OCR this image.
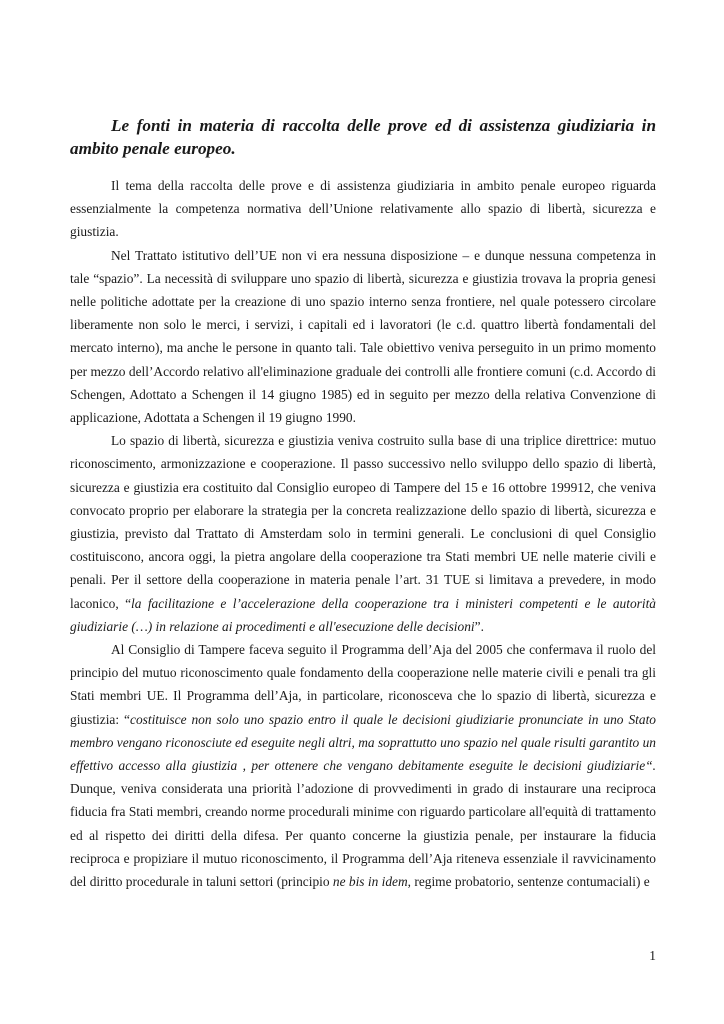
Le fonti in materia di raccolta delle prove ed di assistenza giudiziaria in ambito penale europeo.

Il tema della raccolta delle prove e di assistenza giudiziaria in ambito penale europeo riguarda essenzialmente la competenza normativa dell’Unione relativamente allo spazio di libertà, sicurezza e giustizia.

Nel Trattato istitutivo dell’UE non vi era nessuna disposizione – e dunque nessuna competenza in tale “spazio”. La necessità di sviluppare uno spazio di libertà, sicurezza e giustizia trovava la propria genesi nelle politiche adottate per la creazione di uno spazio interno senza frontiere, nel quale potessero circolare liberamente non solo le merci, i servizi, i capitali ed i lavoratori (le c.d. quattro libertà fondamentali del mercato interno), ma anche le persone in quanto tali. Tale obiettivo veniva perseguito in un primo momento per mezzo dell’Accordo relativo all'eliminazione graduale dei controlli alle frontiere comuni (c.d. Accordo di Schengen, Adottato a Schengen il 14 giugno 1985) ed in seguito per mezzo della relativa Convenzione di applicazione, Adottata a Schengen il 19 giugno 1990.

Lo spazio di libertà, sicurezza e giustizia veniva costruito sulla base di una triplice direttrice: mutuo riconoscimento, armonizzazione e cooperazione. Il passo successivo nello sviluppo dello spazio di libertà, sicurezza e giustizia era costituito dal Consiglio europeo di Tampere del 15 e 16 ottobre 199912, che veniva convocato proprio per elaborare la strategia per la concreta realizzazione dello spazio di libertà, sicurezza e giustizia, previsto dal Trattato di Amsterdam solo in termini generali. Le conclusioni di quel Consiglio costituiscono, ancora oggi, la pietra angolare della cooperazione tra Stati membri UE nelle materie civili e penali. Per il settore della cooperazione in materia penale l’art. 31 TUE si limitava a prevedere, in modo laconico, “la facilitazione e l’accelerazione della cooperazione tra i ministeri competenti e le autorità giudiziarie (…) in relazione ai procedimenti e all'esecuzione delle decisioni”.

Al Consiglio di Tampere faceva seguito il Programma dell’Aja del 2005 che confermava il ruolo del principio del mutuo riconoscimento quale fondamento della cooperazione nelle materie civili e penali tra gli Stati membri UE. Il Programma dell’Aja, in particolare, riconosceva che lo spazio di libertà, sicurezza e giustizia: “costituisce non solo uno spazio entro il quale le decisioni giudiziarie pronunciate in uno Stato membro vengano riconosciute ed eseguite negli altri, ma soprattutto uno spazio nel quale risulti garantito un effettivo accesso alla giustizia , per ottenere che vengano debitamente eseguite le decisioni giudiziarie“. Dunque, veniva considerata una priorità l’adozione di provvedimenti in grado di instaurare una reciproca fiducia fra Stati membri, creando norme procedurali minime con riguardo particolare all'equità di trattamento ed al rispetto dei diritti della difesa. Per quanto concerne la giustizia penale, per instaurare la fiducia reciproca e propiziare il mutuo riconoscimento, il Programma dell’Aja riteneva essenziale il ravvicinamento del diritto procedurale in taluni settori (principio ne bis in idem, regime probatorio, sentenze contumaciali) e

1
